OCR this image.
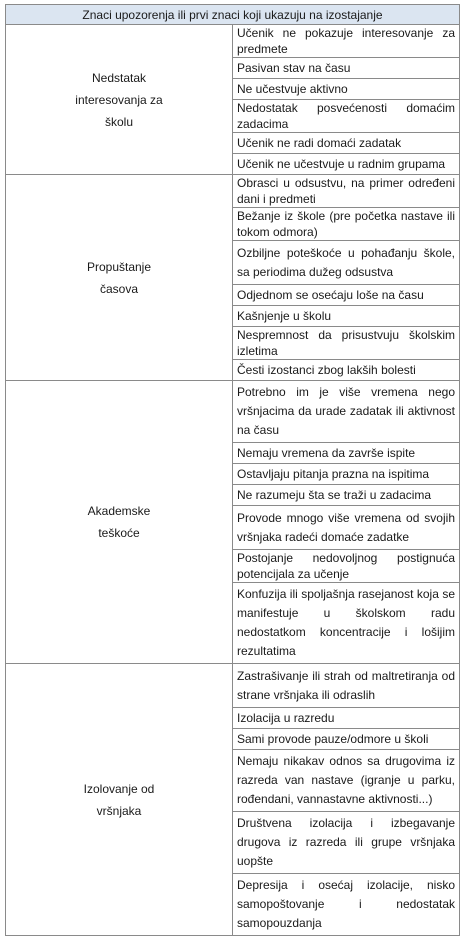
Znaci upozorenja ili prvi znaci koji ukazuju na izostajanje	

Nedstatak
interesovanja za
školu	Učenik ne pokazuje interesovanje za predmete
	Pasivan stav na času
	Ne učestvuje aktivno
	Nedostatak posvećenosti domaćim zadacima
	Učenik ne radi domaći zadatak
	Učenik ne učestvuje u radnim grupama

Propuštanje
časova	Obrasci u odsustvu, na primer određeni dani i predmeti
	Bežanje iz škole (pre početka nastave ili tokom odmora)
	Ozbiljne poteškoće u pohađanju škole, sa periodima dužeg odsustva
	Odjednom se osećaju loše na času
	Kašnjenje u školu
	Nespremnost da prisustvuju školskim izletima
	Česti izostanci zbog lakših bolesti

Akademske
teškoće	Potrebno im je više vremena nego vršnjacima da urade zadatak ili aktivnost na času
	Nemaju vremena da završe ispite
	Ostavljaju pitanja prazna na ispitima
	Ne razumeju šta se traži u zadacima
	Provode mnogo više vremena od svojih vršnjaka radeći domaće zadatke
	Postojanje nedovoljnog postignuća potencijala za učenje
	Konfuzija ili spoljašnja rasejanost koja se manifestuje u školskom radu nedostatkom koncentracije i lošijim rezultatima

Izolovanje od
vršnjaka	Zastrašivanje ili strah od maltretiranja od strane vršnjaka ili odraslih
	Izolacija u razredu
	Sami provode pauze/odmore u školi
	Nemaju nikakav odnos sa drugovima iz razreda van nastave (igranje u parku, rođendani, vannastavne aktivnosti...)
	Društvena izolacija i izbegavanje drugova iz razreda ili grupe vršnjaka uopšte
	Depresija i osećaj izolacije, nisko samopoštovanje i nedostatak samopouzdanja
